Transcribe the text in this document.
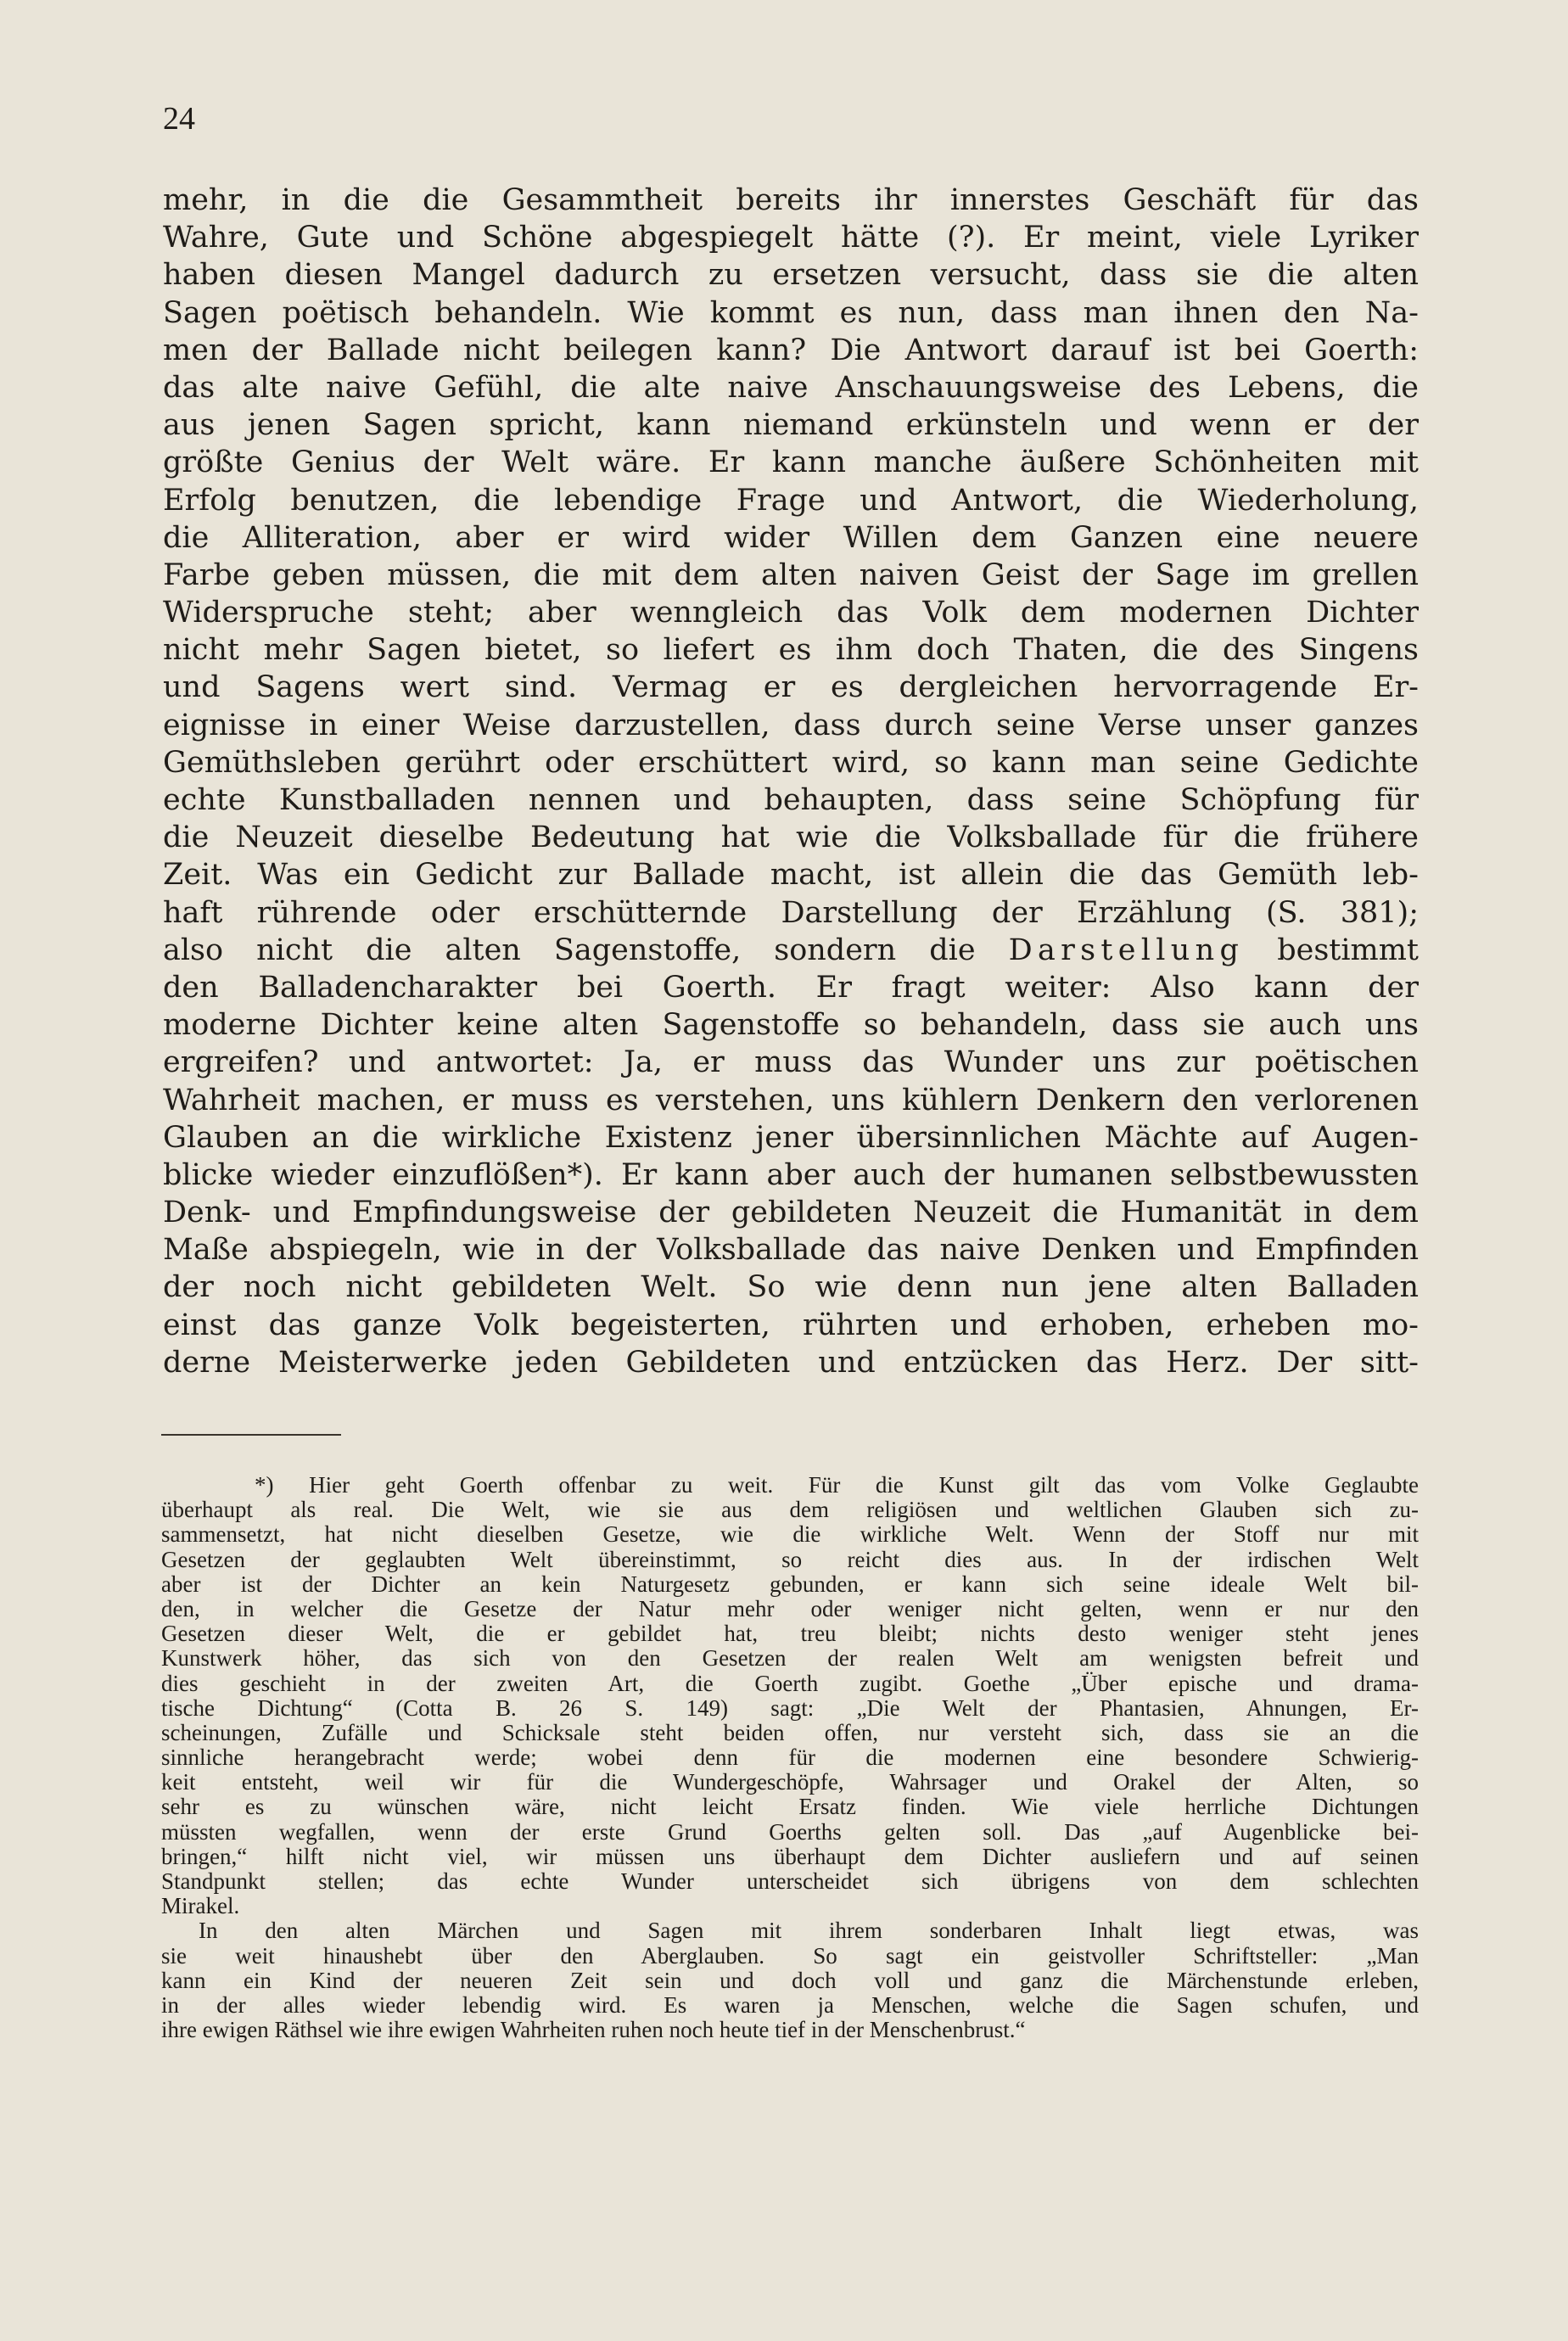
24
mehr, in die die Gesammtheit bereits ihr innerstes Geschäft für das
Wahre, Gute und Schöne abgespiegelt hätte (?). Er meint, viele Lyriker
haben diesen Mangel dadurch zu ersetzen versucht, dass sie die alten
Sagen poëtisch behandeln. Wie kommt es nun, dass man ihnen den Na-
men der Ballade nicht beilegen kann? Die Antwort darauf ist bei Goerth:
das alte naive Gefühl, die alte naive Anschauungsweise des Lebens, die
aus jenen Sagen spricht, kann niemand erkünsteln und wenn er der
größte Genius der Welt wäre. Er kann manche äußere Schönheiten mit
Erfolg benutzen, die lebendige Frage und Antwort, die Wiederholung,
die Alliteration, aber er wird wider Willen dem Ganzen eine neuere
Farbe geben müssen, die mit dem alten naiven Geist der Sage im grellen
Widerspruche steht; aber wenngleich das Volk dem modernen Dichter
nicht mehr Sagen bietet, so liefert es ihm doch Thaten, die des Singens
und Sagens wert sind. Vermag er es dergleichen hervorragende Er-
eignisse in einer Weise darzustellen, dass durch seine Verse unser ganzes
Gemüthsleben gerührt oder erschüttert wird, so kann man seine Gedichte
echte Kunstballaden nennen und behaupten, dass seine Schöpfung für
die Neuzeit dieselbe Bedeutung hat wie die Volksballade für die frühere
Zeit. Was ein Gedicht zur Ballade macht, ist allein die das Gemüth leb-
haft rührende oder erschütternde Darstellung der Erzählung (S. 381);
also nicht die alten Sagenstoffe, sondern die Darstellung bestimmt
den Balladencharakter bei Goerth. Er fragt weiter: Also kann der
moderne Dichter keine alten Sagenstoffe so behandeln, dass sie auch uns
ergreifen? und antwortet: Ja, er muss das Wunder uns zur poëtischen
Wahrheit machen, er muss es verstehen, uns kühlern Denkern den verlorenen
Glauben an die wirkliche Existenz jener übersinnlichen Mächte auf Augen-
blicke wieder einzuflößen*). Er kann aber auch der humanen selbstbewussten
Denk- und Empfindungsweise der gebildeten Neuzeit die Humanität in dem
Maße abspiegeln, wie in der Volksballade das naive Denken und Empfinden
der noch nicht gebildeten Welt. So wie denn nun jene alten Balladen
einst das ganze Volk begeisterten, rührten und erhoben, erheben mo-
derne Meisterwerke jeden Gebildeten und entzücken das Herz. Der sitt-
*) Hier geht Goerth offenbar zu weit. Für die Kunst gilt das vom Volke Geglaubte
überhaupt als real. Die Welt, wie sie aus dem religiösen und weltlichen Glauben sich zu-
sammensetzt, hat nicht dieselben Gesetze, wie die wirkliche Welt. Wenn der Stoff nur mit
Gesetzen der geglaubten Welt übereinstimmt, so reicht dies aus. In der irdischen Welt
aber ist der Dichter an kein Naturgesetz gebunden, er kann sich seine ideale Welt bil-
den, in welcher die Gesetze der Natur mehr oder weniger nicht gelten, wenn er nur den
Gesetzen dieser Welt, die er gebildet hat, treu bleibt; nichts desto weniger steht jenes
Kunstwerk höher, das sich von den Gesetzen der realen Welt am wenigsten befreit und
dies geschieht in der zweiten Art, die Goerth zugibt. Goethe „Über epische und drama-
tische Dichtung“ (Cotta B. 26 S. 149) sagt: „Die Welt der Phantasien, Ahnungen, Er-
scheinungen, Zufälle und Schicksale steht beiden offen, nur versteht sich, dass sie an die
sinnliche herangebracht werde; wobei denn für die modernen eine besondere Schwierig-
keit entsteht, weil wir für die Wundergeschöpfe, Wahrsager und Orakel der Alten, so
sehr es zu wünschen wäre, nicht leicht Ersatz finden. Wie viele herrliche Dichtungen
müssten wegfallen, wenn der erste Grund Goerths gelten soll. Das „auf Augenblicke bei-
bringen,“ hilft nicht viel, wir müssen uns überhaupt dem Dichter ausliefern und auf seinen
Standpunkt stellen; das echte Wunder unterscheidet sich übrigens von dem schlechten
Mirakel.
In den alten Märchen und Sagen mit ihrem sonderbaren Inhalt liegt etwas, was
sie weit hinaushebt über den Aberglauben. So sagt ein geistvoller Schriftsteller: „Man
kann ein Kind der neueren Zeit sein und doch voll und ganz die Märchenstunde erleben,
in der alles wieder lebendig wird. Es waren ja Menschen, welche die Sagen schufen, und
ihre ewigen Räthsel wie ihre ewigen Wahrheiten ruhen noch heute tief in der Menschenbrust.“
